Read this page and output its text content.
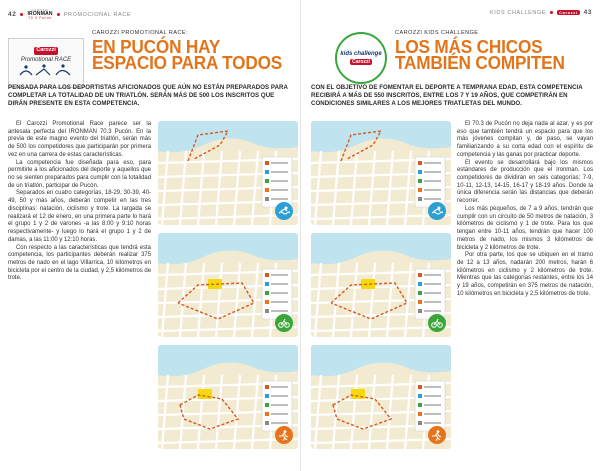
42
CAROZZI
IRONMAN
70.3 Pucón
PROMOCIONAL RACE
Carozzi
Promotional RACE
CAROZZI PROMOTIONAL RACE:
EN PUCÓN HAY
ESPACIO PARA TODOS
PENSADA PARA LOS DEPORTISTAS AFICIONADOS QUE AÚN NO ESTÁN PREPARADOS PARA COMPLETAR LA TOTALIDAD DE UN TRIATLÓN. SERÁN MÁS DE 500 LOS INSCRITOS QUE DIRÁN PRESENTE EN ESTA COMPETENCIA.

El Carozzi Promotional Race parece ser la antesala perfecta del IRONMAN 70.3 Pucón. En la previa de este magno evento del triatlón, serán más de 500 los competidores que participarán por primera vez en una carrera de estas características.

La competencia fue diseñada para eso, para permitirle a los aficionados del deporte y aquellos que no se sienten preparados para cumplir con la totalidad de un triatlón, participar de Pucón.

Separados en cuatro categorías, 18-29, 30-39, 40-49, 50 y más años, deberán competir en las tres disciplinas: natación, ciclismo y trote. La largada se realizará el 12 de enero, en una primera parte lo hará el grupo 1 y 2 de varones -a las 8:00 y 9:10 horas respectivamente- y luego lo hará el grupo 1 y 2 de damas, a las 11:00 y 12:10 horas.

Con respecto a las características que tendrá esta competencia, los participantes deberán realizar 375 metros de nado en el lago Villarrica, 10 kilómetros en bicicleta por el centro de la ciudad, y 2,5 kilómetros de trote.

KIDS CHALLENGE	Carozzi 43
kids challenge
Carozzi
CAROZZI KIDS CHALLENGE
LOS MÁS CHICOS
TAMBIÉN COMPITEN
CON EL OBJETIVO DE FOMENTAR EL DEPORTE A TEMPRANA EDAD, ESTA COMPETENCIA RECIBIRÁ A MÁS DE 550 INSCRITOS, ENTRE LOS 7 Y 19 AÑOS, QUE COMPETIRÁN EN CONDICIONES SIMILARES A LOS MEJORES TRIATLETAS DEL MUNDO.

El 70.3 de Pucón no deja nada al azar, y es por eso que también tendrá un espacio para que los más jóvenes compitan y, de paso, se vayan familiarizando a su corta edad con el espíritu de competencia y las ganas por practicar deporte.

El evento se desarrollará bajo los mismos estándares de producción que el Ironman. Los competidores de dividirán en seis categorías: 7-9, 10-11, 12-13, 14-15, 16-17 y 18-19 años. Donde la única diferencia serán las distancias que deberán recorrer.

Los más pequeños, de 7 a 9 años, tendrán que cumplir con un circuito de 50 metros de natación, 3 kilómetros de ciclismo y 1 de trote. Para los que tengan entre 10-11 años, tendrán que hacer 100 metros de nado, los mismos 3 kilómetros de bicicleta y 2 kilómetros de trote.

Por otra parte, los que se ubiquen en el tramo de 12 a 13 años, nadarán 200 metros, harán 6 kilómetros en ciclismo y 2 kilómetros de trote. Mientras que las categorías restantes, entre los 14 y 19 años, competirán en 375 metros de natación, 10 kilómetros en bicicleta y 2,5 kilómetros de trote.
